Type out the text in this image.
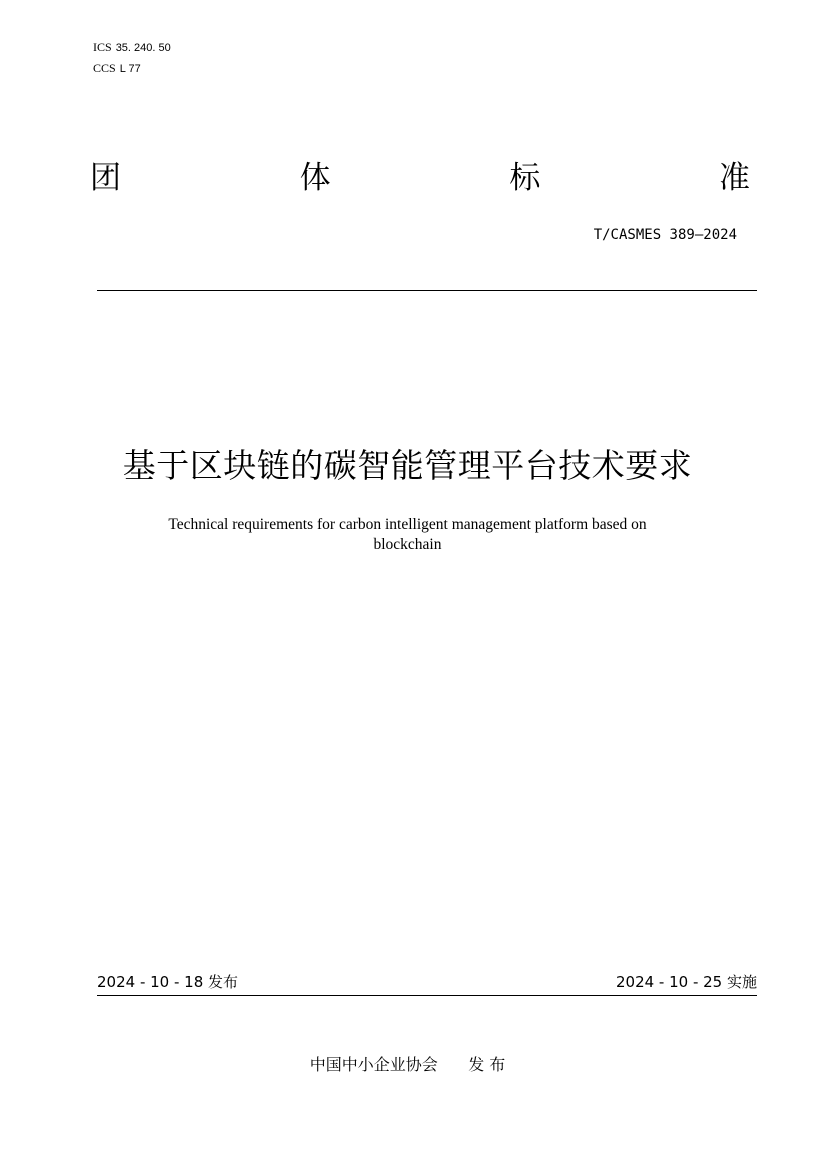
ICS 35. 240. 50
CCS L 77
团	体	标	准
T/CASMES 389—2024
基于区块链的碳智能管理平台技术要求
Technical requirements for carbon intelligent management platform based on
blockchain
2024 - 10 - 18 发布	2024 - 10 - 25 实施
中国中小企业协会 发 布
